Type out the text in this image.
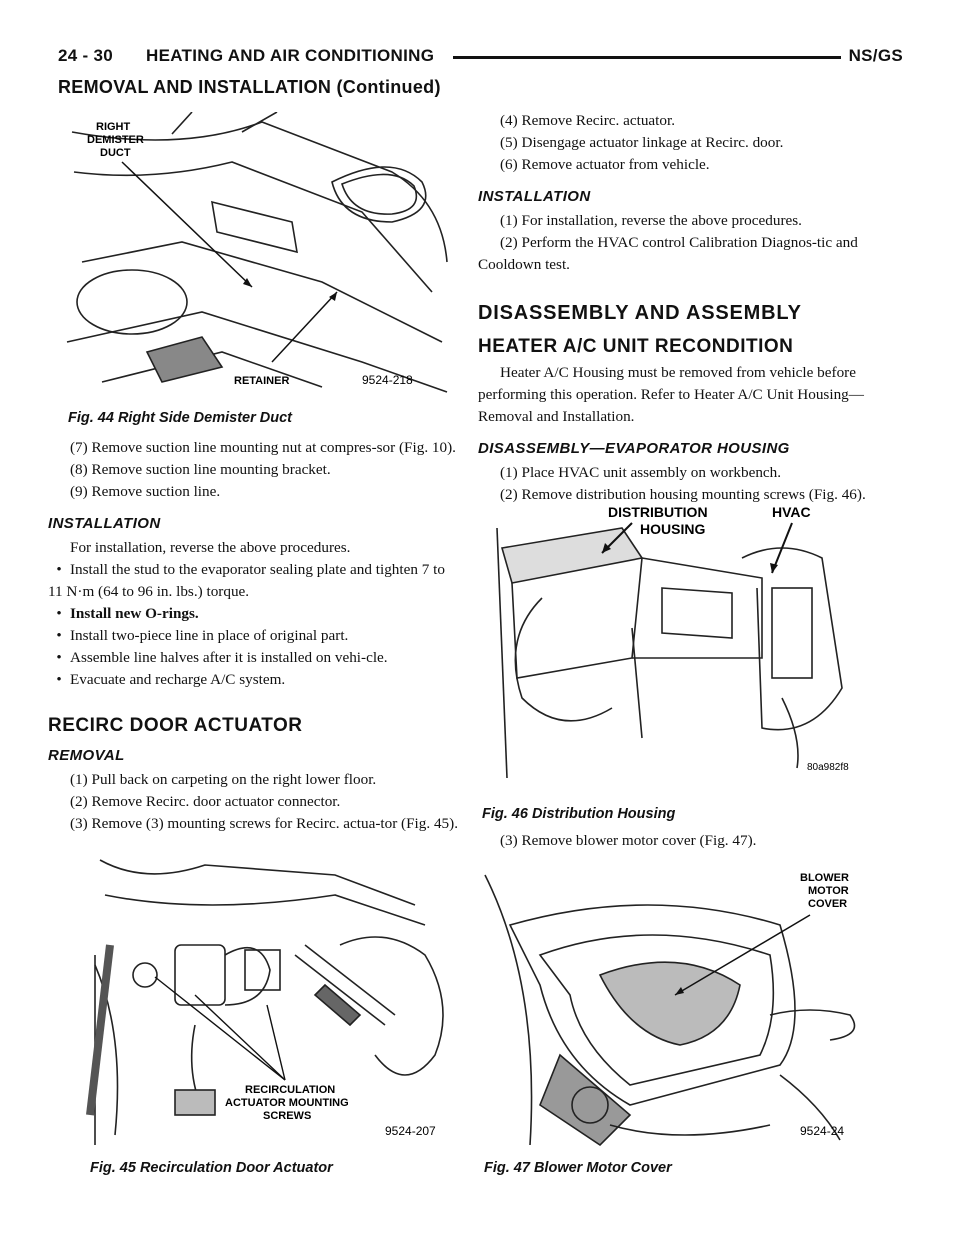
24 - 30 HEATING AND AIR CONDITIONING	NS/GS
REMOVAL AND INSTALLATION (Continued)
RIGHT
DEMISTER
DUCT
RETAINER	9524-218
Fig. 44 Right Side Demister Duct

(7) Remove suction line mounting nut at compres-sor (Fig. 10).

(8) Remove suction line mounting bracket.

(9) Remove suction line.

INSTALLATION

For installation, reverse the above procedures.

• Install the stud to the evaporator sealing plate and tighten 7 to 11 N·m (64 to 96 in. lbs.) torque.

• Install new O-rings.

• Install two-piece line in place of original part.

• Assemble line halves after it is installed on vehi-cle.

• Evacuate and recharge A/C system.

RECIRC DOOR ACTUATOR
REMOVAL

(1) Pull back on carpeting on the right lower floor.

(2) Remove Recirc. door actuator connector.

(3) Remove (3) mounting screws for Recirc. actua-tor (Fig. 45).

RECIRCULATION
ACTUATOR MOUNTING
SCREWS
9524-207
Fig. 45 Recirculation Door Actuator

(4) Remove Recirc. actuator.

(5) Disengage actuator linkage at Recirc. door.

(6) Remove actuator from vehicle.

INSTALLATION

(1) For installation, reverse the above procedures.

(2) Perform the HVAC control Calibration Diagnos-tic and Cooldown test.

DISASSEMBLY AND ASSEMBLY
HEATER A/C UNIT RECONDITION

Heater A/C Housing must be removed from vehicle before performing this operation. Refer to Heater A/C Unit Housing—Removal and Installation.

DISASSEMBLY—EVAPORATOR HOUSING

(1) Place HVAC unit assembly on workbench.

(2) Remove distribution housing mounting screws (Fig. 46).

DISTRIBUTION
HOUSING
HVAC
80a982f8
Fig. 46 Distribution Housing

(3) Remove blower motor cover (Fig. 47).

BLOWER
MOTOR
COVER
9524-24
Fig. 47 Blower Motor Cover
